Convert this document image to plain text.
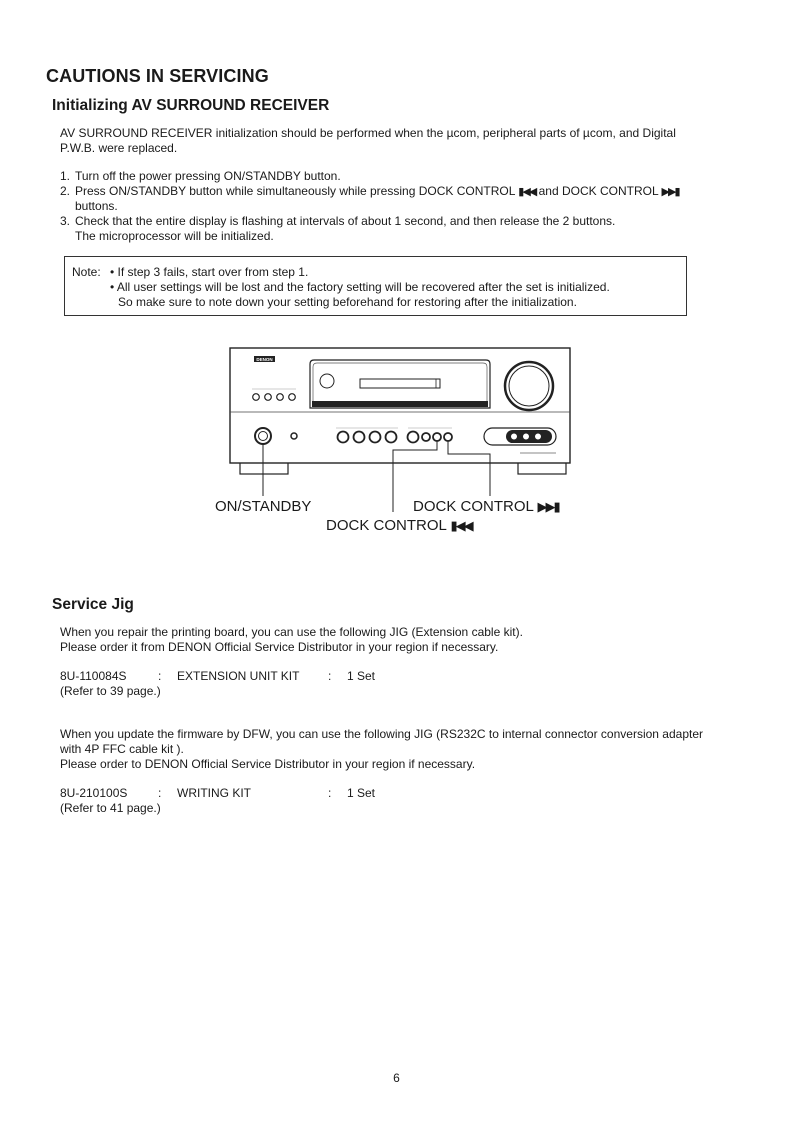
CAUTIONS IN SERVICING
Initializing AV SURROUND RECEIVER
AV SURROUND RECEIVER initialization should be performed when the µcom, peripheral parts of µcom, and Digital
P.W.B. were replaced.
1. Turn off the power pressing ON/STANDBY button.
2. Press ON/STANDBY button while simultaneously while pressing DOCK CONTROL ▮◀◀ and DOCK CONTROL ▶▶▮
buttons.
3. Check that the entire display is flashing at intervals of about 1 second, and then release the 2 buttons.
The microprocessor will be initialized.
Note: • If step 3 fails, start over from step 1.
• All user settings will be lost and the factory setting will be recovered after the set is initialized.
So make sure to note down your setting beforehand for restoring after the initialization.
DENON
ON/STANDBY	DOCK CONTROL ▶▶▮
DOCK CONTROL ▮◀◀
Service Jig
When you repair the printing board, you can use the following JIG (Extension cable kit).
Please order it from DENON Official Service Distributor in your region if necessary.
8U-110084S	: EXTENSION UNIT KIT : 1 Set
(Refer to 39 page.)
When you update the firmware by DFW, you can use the following JIG (RS232C to internal connector conversion adapter
with 4P FFC cable kit ).
Please order to DENON Official Service Distributor in your region if necessary.
8U-210100S	: WRITING KIT	: 1 Set
(Refer to 41 page.)
6
